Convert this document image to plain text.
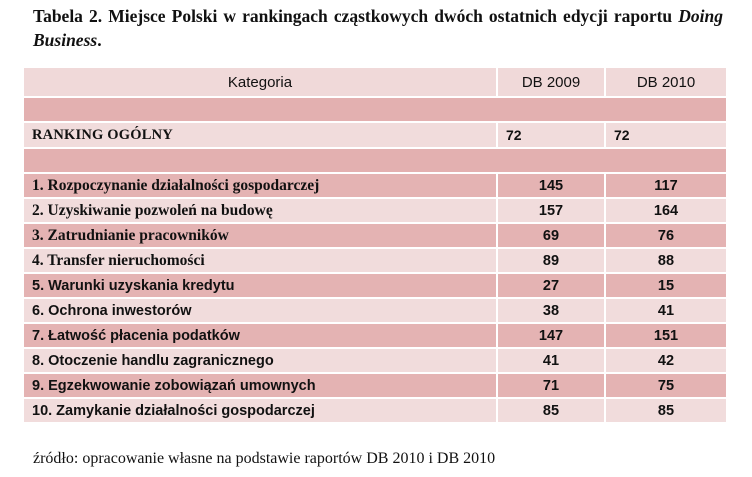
Tabela 2. Miejsce Polski w rankingach cząstkowych dwóch ostatnich edycji raportu Doing Business.
Kategoria	DB 2009	DB 2010

RANKING OGÓLNY	72	72

1. Rozpoczynanie działalności gospodarczej	145	117
2. Uzyskiwanie pozwoleń na budowę	157	164
3. Zatrudnianie pracowników	69	76
4. Transfer nieruchomości	89	88
5. Warunki uzyskania kredytu	27	15
6. Ochrona inwestorów	38	41
7. Łatwość płacenia podatków	147	151
8. Otoczenie handlu zagranicznego	41	42
9. Egzekwowanie zobowiązań umownych	71	75
10. Zamykanie działalności gospodarczej	85	85
źródło: opracowanie własne na podstawie raportów DB 2010 i DB 2010
